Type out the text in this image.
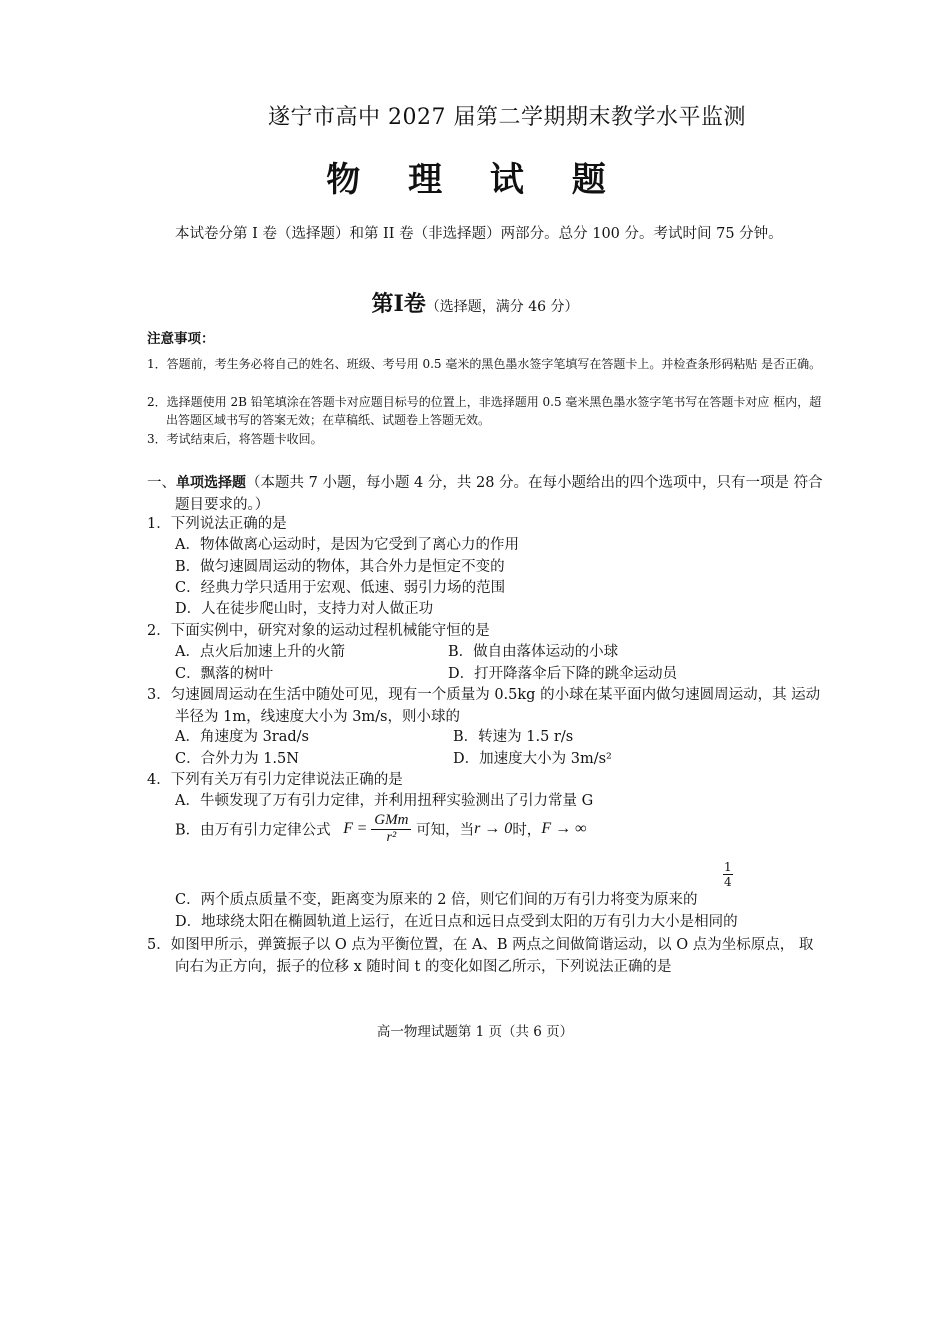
遂宁市高中 2027 届第二学期期末教学水平监测
物 理 试 题
本试卷分第 I 卷（选择题）和第 II 卷（非选择题）两部分。总分 100 分。考试时间 75 分钟。
第Ⅰ卷（选择题，满分 46 分）
注意事项：
1．答题前，考生务必将自己的姓名、班级、考号用 0.5 毫米的黑色墨水签字笔填写在答题卡上。并检查条形码粘贴 是否正确。
2．选择题使用 2B 铅笔填涂在答题卡对应题目标号的位置上，非选择题用 0.5 毫米黑色墨水签字笔书写在答题卡对应 框内，超出答题区域书写的答案无效；在草稿纸、试题卷上答题无效。
3．考试结束后，将答题卡收回。
一、单项选择题（本题共 7 小题，每小题 4 分，共 28 分。在每小题给出的四个选项中，只有一项是 符合题目要求的。）
1．下列说法正确的是
A．物体做离心运动时，是因为它受到了离心力的作用
B．做匀速圆周运动的物体，其合外力是恒定不变的
C．经典力学只适用于宏观、低速、弱引力场的范围
D．人在徒步爬山时，支持力对人做正功
2．下面实例中，研究对象的运动过程机械能守恒的是
A．点火后加速上升的火箭	B．做自由落体运动的小球
C．飘落的树叶	D．打开降落伞后下降的跳伞运动员
3．匀速圆周运动在生活中随处可见，现有一个质量为 0.5kg 的小球在某平面内做匀速圆周运动，其 运动半径为 1m，线速度大小为 3m/s，则小球的
A．角速度为 3rad/s	B．转速为 1.5 r/s
C．合外力为 1.5N	D．加速度大小为 3m/s²
4．下列有关万有引力定律说法正确的是
A．牛顿发现了万有引力定律，并利用扭秤实验测出了引力常量 G
B．由万有引力定律公式 $F = \frac{\text{GMm}}{\text{r²}}$ 可知，当r → 0时，F → ∞
C．两个质点质量不变，距离变为原来的 2 倍，则它们间的万有引力将变为原来的
$\frac{1}{4}$
D．地球绕太阳在椭圆轨道上运行，在近日点和远日点受到太阳的万有引力大小是相同的
5．如图甲所示，弹簧振子以 O 点为平衡位置，在 A、B 两点之间做简谐运动，以 O 点为坐标原点， 取向右为正方向，振子的位移 x 随时间 t 的变化如图乙所示，下列说法正确的是
高一物理试题第 1 页（共 6 页）
